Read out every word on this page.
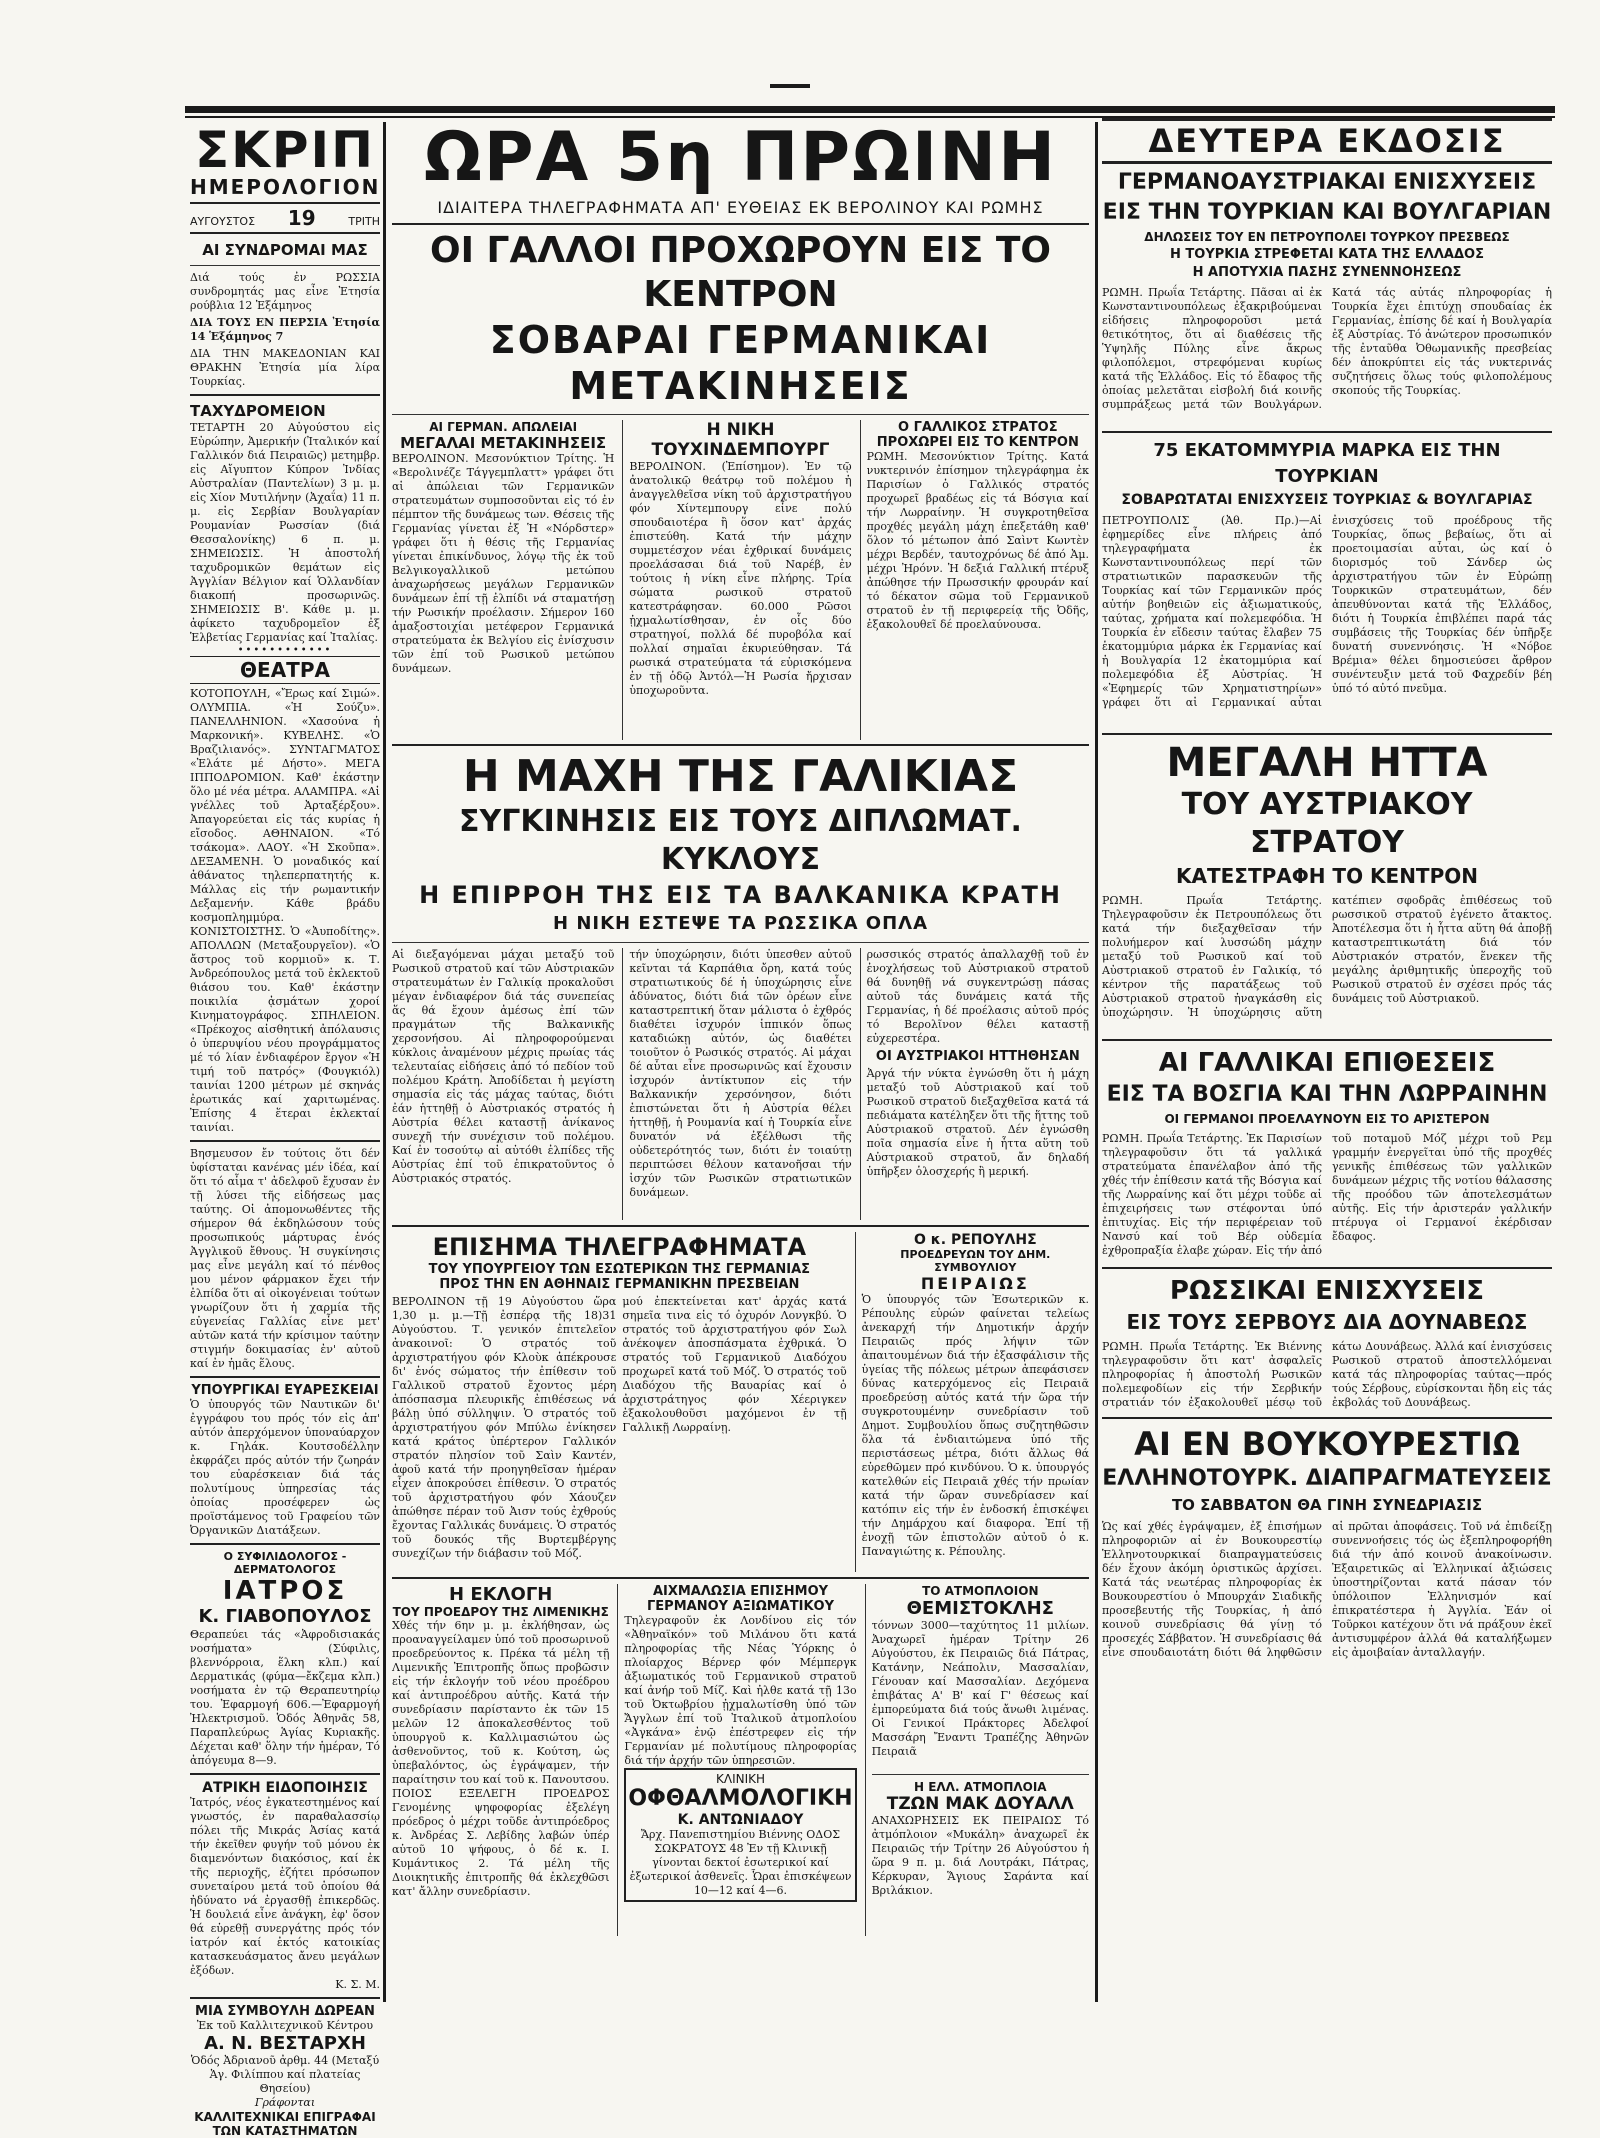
ΣΚΡΙΠ
ΗΜΕΡΟΛΟΓΙΟΝ
ΑΥΓΟΥΣΤΟΣ 19	ΤΡΙΤΗ
ΑΙ ΣΥΝΔΡΟΜΑΙ ΜΑΣ
Διά τούς ἐν ΡΩΣΣΙΑ συνδρομητάς μας εἶνε Ἐτησία ρούβλια 12 Ἑξάμηνος
ΔΙΑ ΤΟΥΣ ΕΝ ΠΕΡΣΙΑ Ἐτησία 14 Ἑξάμηνος 7
ΔΙΑ ΤΗΝ ΜΑΚΕΔΟΝΙΑΝ ΚΑΙ ΘΡΑΚΗΝ Ἐτησία μία λίρα Τουρκίας.
ΤΑΧΥΔΡΟΜΕΙΟΝ
ΤΕΤΑΡΤΗ 20 Αὐγούστου εἰς Εὐρώπην, Ἀμερικήν (Ἰταλικόν καί Γαλλικόν διά Πειραιῶς) μετημβρ. εἰς Αἴγυπτον Κύπρον Ἰνδίας Αὐστραλίαν (Παντελίων) 3 μ. μ. εἰς Χίον Μυτιλήνην (Ἀχαΐα) 11 π. μ. εἰς Σερβίαν Βουλγαρίαν Ρουμανίαν Ρωσσίαν (διά Θεσσαλονίκης) 6 π. μ. ΣΗΜΕΙΩΣΙΣ. Ἡ ἀποστολή ταχυδρομικῶν θεμάτων εἰς Ἀγγλίαν Βέλγιον καί Ὁλλανδίαν διακοπή προσωρινῶς. ΣΗΜΕΙΩΣΙΣ Β'. Κάθε μ. μ. ἀφίκετο ταχυδρομεῖον ἐξ Ἑλβετίας Γερμανίας καί Ἰταλίας.
••••••••••••
ΘΕΑΤΡΑ
ΚΟΤΟΠΟΥΛΗ, «Ἔρως καί Σιμώ». ΟΛΥΜΠΙΑ. «Ἡ Σούζυ». ΠΑΝΕΛΛΗΝΙΟΝ. «Χασούνα ἡ Μαρκονική». ΚΥΒΕΛΗΣ. «Ὁ Βραζιλιανός». ΣΥΝΤΑΓΜΑΤΟΣ «Ἐλάτε μέ Δήστο». ΜΕΓΑ ΙΠΠΟΔΡΟΜΙΟΝ. Καθ' ἑκάστην ὅλο μέ νέα μέτρα. ΑΛΑΜΠΡΑ. «Αἱ γνέλλες τοῦ Ἀρταξέρξου». Ἀπαγορεύεται εἰς τάς κυρίας ἡ εἴσοδος. ΑΘΗΝΑΙΟΝ. «Τό τσάκομα». ΛΑΟΥ. «Ἡ Σκοῦπα». ΔΕΞΑΜΕΝΗ. Ὁ μοναδικός καί ἀθάνατος τηλεπερπατητής κ. Μάλλας εἰς τήν ρωμαντικήν Δεξαμενήν. Κάθε βράδυ κοσμοπλημμύρα. ΚΟΝΙΣΤΟΙΣΤΗΣ. Ὁ «Ἀυποδίτης». ΑΠΟΛΛΩΝ (Μεταξουργεῖον). «Ὁ ἄστρος τοῦ κορμιοῦ» κ. Τ. Ἀνδρεόπουλος μετά τοῦ ἐκλεκτοῦ θιάσου του. Καθ' ἑκάστην ποικιλία ᾀσμάτων χοροί Κινηματογράφος. ΣΠΗΛΕΙΟΝ. «Πρέκοχος αἰσθητική ἀπόλαυσις ὁ ὑπερυψίου νέου προγράμματος μέ τό λίαν ἐνδιαφέρον ἔργον «Ἡ τιμή τοῦ πατρός» (Φουγκιόλ) ταινίαι 1200 μέτρων μέ σκηνάς ἐρωτικάς καί χαριτωμένας. Ἐπίσης 4 ἕτεραι ἐκλεκταί ταινίαι.
Βησμευσον ἔν τούτοις ὅτι δέν ὑφίσταται κανένας μέν ἰδέα, καί ὅτι τό αἷμα τ' ἀδελφοῦ ἔχυσαν ἐν τῇ λύσει τῆς εἰδήσεως μας ταύτης. Οἱ ἀπομονωθέντες τῆς σήμερον θά ἐκδηλώσουν τούς προσωπικούς μάρτυρας ἑνός Ἀγγλικοῦ ἔθνους. Ἡ συγκίνησις μας εἶνε μεγάλη καί τό πένθος μου μένον φάρμακον ἔχει τήν ἐλπίδα ὅτι αἱ οἰκογένειαι τούτων γνωρίζουν ὅτι ἡ χαρμία τῆς εὐγενείας Γαλλίας εἶνε μετ' αὐτῶν κατά τήν κρίσιμον ταύτην στιγμήν δοκιμασίας ἐν' αὐτοῦ καί ἐν ἡμᾶς ἕλους.
ΥΠΟΥΡΓΙΚΑΙ ΕΥΑΡΕΣΚΕΙΑΙ
Ὁ ὑπουργός τῶν Ναυτικῶν δι' ἐγγράφου του πρός τόν εἰς ἀπ' αὐτόν ἀπερχόμενον ὑποναύαρχον κ. Γηλάκ. Κουτσοδέλλην ἐκφράζει πρός αὐτόν τήν ζωηράν του εὐαρέσκειαν διά τάς πολυτίμους ὑπηρεσίας τάς ὁποίας προσέφερεν ὡς προϊστάμενος τοῦ Γραφείου τῶν Ὀργανικῶν Διατάξεων.
Ο ΣΥΦΙΛΙΔΟΛΟΓΟΣ - ΔΕΡΜΑΤΟΛΟΓΟΣ
ΙΑΤΡΟΣ
Κ. ΓΙΑΒΟΠΟΥΛΟΣ
Θεραπεύει τάς «Ἀφροδισιακάς νοσήματα» (Σύφιλις, βλεννόρροια, ἕλκη κλπ.) καί Δερματικάς (φύμα—ἔκζεμα κλπ.) νοσήματα ἐν τῷ Θεραπευτηρίῳ του. Ἐφαρμογή 606.—Ἐφαρμογή Ἠλεκτρισμοῦ. Ὁδός Ἀθηνᾶς 58, Παραπλεύρως Ἁγίας Κυριακῆς. Δέχεται καθ' ὅλην τήν ἡμέραν, Τό ἀπόγευμα 8—9.
ΑΤΡΙΚΗ ΕΙΔΟΠΟΙΗΣΙΣ
Ἰατρός, νέος ἐγκατεστημένος καί γνωστός, ἐν παραθαλασσίῳ πόλει τῆς Μικράς Ἀσίας κατά τήν ἐκεῖθεν φυγήν τοῦ μόνου ἐκ διαμενόντων διακόσιος, καί ἐκ τῆς περιοχῆς, ἐζήτει πρόσωπον συνεταίρου μετά τοῦ ὁποίου θά ἠδύνατο νά ἐργασθῇ ἐπικερδῶς. Ἡ δουλειά εἶνε ἀνάγκη, ἐφ' ὅσον θά εὑρεθῇ συνεργάτης πρός τόν ἰατρόν καί ἐκτός κατοικίας κατασκευάσματος ἄνευ μεγάλων ἐξόδων.
Κ. Σ. Μ.
ΜΙΑ ΣΥΜΒΟΥΛΗ ΔΩΡΕΑΝ
Ἐκ τοῦ Καλλιτεχνικοῦ Κέντρου
Α. Ν. ΒΕΣΤΑΡΧΗ
Ὁδός Ἀδριανοῦ ἀρθμ. 44 (Μεταξύ Ἁγ. Φιλίππου καί πλατείας Θησείου)
Γράφονται
ΚΑΛΛΙΤΕΧΝΙΚΑΙ ΕΠΙΓΡΑΦΑΙ ΤΩΝ ΚΑΤΑΣΤΗΜΑΤΩΝ
ΩΡΑ 5η ΠΡΩΙΝΗ
ΙΔΙΑΙΤΕΡΑ ΤΗΛΕΓΡΑΦΗΜΑΤΑ ΑΠ' ΕΥΘΕΙΑΣ ΕΚ ΒΕΡΟΛΙΝΟΥ ΚΑΙ ΡΩΜΗΣ
ΟΙ ΓΑΛΛΟΙ ΠΡΟΧΩΡΟΥΝ ΕΙΣ ΤΟ ΚΕΝΤΡΟΝ
ΣΟΒΑΡΑΙ ΓΕΡΜΑΝΙΚΑΙ ΜΕΤΑΚΙΝΗΣΕΙΣ
ΑΙ ΓΕΡΜΑΝ. ΑΠΩΛΕΙΑΙ
ΜΕΓΑΛΑΙ ΜΕΤΑΚΙΝΗΣΕΙΣ
ΒΕΡΟΛΙΝΟΝ. Μεσονύκτιον Τρίτης. Ἡ «Βερολινέζε Τάγγεμπλαττ» γράφει ὅτι αἱ ἀπώλειαι τῶν Γερμανικῶν στρατευμάτων συμποσοῦνται εἰς τό ἐν πέμπτον τῆς δυνάμεως των. Θέσεις τῆς Γερμανίας γίνεται ἐξ Ἡ «Νόρδστερ» γράφει ὅτι ἡ θέσις τῆς Γερμανίας γίνεται ἐπικίνδυνος, λόγῳ τῆς ἐκ τοῦ Βελγικογαλλικοῦ μετώπου ἀναχωρήσεως μεγάλων Γερμανικῶν δυνάμεων ἐπί τῇ ἐλπίδι νά σταματήσῃ τήν Ρωσικήν προέλασιν. Σήμερον 160 ἁμαξοστοιχίαι μετέφερον Γερμανικά στρατεύματα ἐκ Βελγίου εἰς ἐνίσχυσιν τῶν ἐπί τοῦ Ρωσικοῦ μετώπου δυνάμεων.
Η ΝΙΚΗ ΤΟΥΧΙΝΔΕΜΠΟΥΡΓ
ΒΕΡΟΛΙΝΟΝ. (Ἐπίσημον). Ἐν τῷ ἀνατολικῷ θεάτρῳ τοῦ πολέμου ἡ ἀναγγελθεῖσα νίκη τοῦ ἀρχιστρατήγου φόν Χίντεμπουργ εἶνε πολύ σπουδαιοτέρα ἢ ὅσον κατ' ἀρχάς ἐπιστεύθη. Κατά τήν μάχην συμμετέσχον νέαι ἐχθρικαί δυνάμεις προελάσασαι διά τοῦ Ναρέβ, ἐν τούτοις ἡ νίκη εἶνε πλήρης. Τρία σώματα ρωσικοῦ στρατοῦ κατεστράφησαν. 60.000 Ρῶσοι ᾐχμαλωτίσθησαν, ἐν οἷς δύο στρατηγοί, πολλά δέ πυροβόλα καί πολλαί σημαῖαι ἐκυριεύθησαν. Τά ρωσικά στρατεύματα τά εὑρισκόμενα ἐν τῇ ὁδῷ Ἀντόλ—Ἡ Ρωσία ἤρχισαν ὑποχωροῦντα.
Ο ΓΑΛΛΙΚΟΣ ΣΤΡΑΤΟΣ ΠΡΟΧΩΡΕΙ ΕΙΣ ΤΟ ΚΕΝΤΡΟΝ
ΡΩΜΗ. Μεσονύκτιον Τρίτης. Κατά νυκτερινόν ἐπίσημον τηλεγράφημα ἐκ Παρισίων ὁ Γαλλικός στρατός προχωρεῖ βραδέως εἰς τά Βόσγια καί τήν Λωρραίνην. Ἡ συγκροτηθεῖσα προχθές μεγάλη μάχη ἐπεξετάθη καθ' ὅλον τό μέτωπον ἀπό Σαὶντ Κωντὲν μέχρι Βερδέν, ταυτοχρόνως δέ ἀπό Ἀμ. μέχρι Ἠρόνν. Ἡ δεξιά Γαλλική πτέρυξ ἀπώθησε τήν Πρωσσικήν φρουράν καί τό δέκατον σῶμα τοῦ Γερμανικοῦ στρατοῦ ἐν τῇ περιφερείᾳ τῆς Ὀδῆς, ἐξακολουθεῖ δέ προελαύνουσα.
Η ΜΑΧΗ ΤΗΣ ΓΑΛΙΚΙΑΣ
ΣΥΓΚΙΝΗΣΙΣ ΕΙΣ ΤΟΥΣ ΔΙΠΛΩΜΑΤ. ΚΥΚΛΟΥΣ
Η ΕΠΙΡΡΟΗ ΤΗΣ ΕΙΣ ΤΑ ΒΑΛΚΑΝΙΚΑ ΚΡΑΤΗ
Η ΝΙΚΗ ΕΣΤΕΨΕ ΤΑ ΡΩΣΣΙΚΑ ΟΠΛΑ
Αἱ διεξαγόμεναι μάχαι μεταξύ τοῦ Ρωσικοῦ στρατοῦ καί τῶν Αὐστριακῶν στρατευμάτων ἐν Γαλικίᾳ προκαλοῦσι μέγαν ἐνδιαφέρον διά τάς συνεπείας ἅς θά ἔχουν ἀμέσως ἐπί τῶν πραγμάτων τῆς Βαλκανικῆς χερσονήσου. Αἱ πληροφορούμεναι κύκλοις ἀναμένουν μέχρις πρωίας τάς τελευταίας εἰδήσεις ἀπό τό πεδίον τοῦ πολέμου Κράτη. Ἀποδίδεται ἡ μεγίστη σημασία εἰς τάς μάχας ταύτας, διότι ἐάν ἡττηθῇ ὁ Αὐστριακός στρατός ἡ Αὐστρία θέλει καταστῇ ἀνίκανος συνεχῆ τήν συνέχισιν τοῦ πολέμου. Καί ἐν τοσούτῳ αἱ αὐτόθι ἐλπίδες τῆς Αὐστρίας ἐπί τοῦ ἐπικρατοῦντος ὁ Αὐστριακός στρατός.
τήν ὑποχώρησιν, διότι ὑπεσθεν αὐτοῦ κεῖνται τά Καρπάθια ὄρη, κατά τούς στρατιωτικούς δέ ἡ ὑποχώρησις εἶνε ἀδύνατος, διότι διά τῶν ὀρέων εἶνε καταστρεπτική ὅταν μάλιστα ὁ ἐχθρός διαθέτει ἰσχυρόν ἱππικόν ὅπως καταδιώκῃ αὐτόν, ὡς διαθέτει τοιοῦτον ὁ Ρωσικός στρατός. Αἱ μάχαι δέ αὗται εἶνε προσωρινῶς καί ἔχουσιν ἰσχυρόν ἀντίκτυπον εἰς τήν Βαλκανικήν χερσόνησον, διότι ἐπιστώνεται ὅτι ἡ Αὐστρία θέλει ἡττηθῇ, ἡ Ρουμανία καί ἡ Τουρκία εἶνε δυνατόν νά ἐξέλθωσι τῆς οὐδετερότητός των, διότι ἐν τοιαύτῃ περιπτώσει θέλουν κατανοῆσαι τήν ἰσχύν τῶν Ρωσικῶν στρατιωτικῶν δυνάμεων.
ρωσσικός στρατός ἀπαλλαχθῇ τοῦ ἐν ἐνοχλήσεως τοῦ Αὐστριακοῦ στρατοῦ θά δυνηθῇ νά συγκεντρώσῃ πάσας αὐτοῦ τάς δυνάμεις κατά τῆς Γερμανίας, ἡ δέ προέλασις αὐτοῦ πρός τό Βερολῖνον θέλει καταστῇ εὐχερεστέρα.
ΟΙ ΑΥΣΤΡΙΑΚΟΙ ΗΤΤΗΘΗΣΑΝ
Ἀργά τήν νύκτα ἐγνώσθη ὅτι ἡ μάχη μεταξύ τοῦ Αὐστριακοῦ καί τοῦ Ρωσικοῦ στρατοῦ διεξαχθεῖσα κατά τά πεδιάματα κατέληξεν ὅτι τῆς ἥττης τοῦ Αὐστριακοῦ στρατοῦ. Δέν ἐγνώσθη ποῖα σημασία εἶνε ἡ ἧττα αὕτη τοῦ Αὐστριακοῦ στρατοῦ, ἄν δηλαδή ὑπῆρξεν ὁλοσχερής ἢ μερική.
ΕΠΙΣΗΜΑ ΤΗΛΕΓΡΑΦΗΜΑΤΑ
ΤΟΥ ΥΠΟΥΡΓΕΙΟΥ ΤΩΝ ΕΣΩΤΕΡΙΚΩΝ ΤΗΣ ΓΕΡΜΑΝΙΑΣ
ΠΡΟΣ ΤΗΝ ΕΝ ΑΘΗΝΑΙΣ ΓΕΡΜΑΝΙΚΗΝ ΠΡΕΣΒΕΙΑΝ
ΒΕΡΟΛΙΝΟΝ τῇ 19 Αὐγούστου ὥρα 1,30 μ. μ.—Τῇ ἐσπέρᾳ τῆς 18)31 Αὐγούστου. Τ. γενικόν ἐπιτελεῖον ἀνακοινοῖ: Ὁ στρατός τοῦ ἀρχιστρατήγου φόν Κλοὺκ ἀπέκρουσε δι' ἑνός σώματος τήν ἐπίθεσιν τοῦ Γαλλικοῦ στρατοῦ ἔχοντος μέρη ἀπόσπασμα πλευρικῆς ἐπιθέσεως νά βάλῃ ὑπό σύλληψιν. Ὁ στρατός τοῦ ἀρχιστρατήγου φόν Μπύλω ἐνίκησεν κατά κράτος ὑπέρτερον Γαλλικόν στρατόν πλησίον τοῦ Σαὶν Καντέν, ἀφοῦ κατά τήν προηγηθεῖσαν ἡμέραν εἶχεν ἀποκρούσει ἐπίθεσιν. Ὁ στρατός τοῦ ἀρχιστρατήγου φόν Χάουζεν ἀπώθησε πέραν τοῦ Ἀισν τούς ἐχθρούς ἔχοντας Γαλλικάς δυνάμεις. Ὁ στρατός τοῦ δουκός τῆς Βυρτεμβέργης συνεχίζων τήν διάβασιν τοῦ Μόζ.
μού ἐπεκτείνεται κατ' ἀρχάς κατά σημεῖα τινα εἰς τό ὀχυρόν Λονγκβύ. Ὁ στρατός τοῦ ἀρχιστρατήγου φόν Σωλ ἀνέκοψεν ἀποσπάσματα ἐχθρικά. Ὁ στρατός τοῦ Γερμανικοῦ Διαδόχου προχωρεῖ κατά τοῦ Μόζ. Ὁ στρατός τοῦ Διαδόχου τῆς Βαυαρίας καί ὁ ἀρχιστράτηγος φόν Χέεριγκεν ἐξακολουθοῦσι μαχόμενοι ἐν τῇ Γαλλικῇ Λωρραίνῃ.
Ο κ. ΡΕΠΟΥΛΗΣ
ΠΡΟΕΔΡΕΥΩΝ ΤΟΥ ΔΗΜ. ΣΥΜΒΟΥΛΙΟΥ
ΠΕΙΡΑΙΩΣ
Ὁ ὑπουργός τῶν Ἐσωτερικῶν κ. Ρέπουλης εὑρών φαίνεται τελείως ἀνεκαρχή τήν Δημοτικήν ἀρχήν Πειραιῶς πρός λήψιν τῶν ἀπαιτουμένων διά τήν ἐξασφάλισιν τῆς ὑγείας τῆς πόλεως μέτρων ἀπεφάσισεν δύνας κατερχόμενος εἰς Πειραιᾶ προεδρεύσῃ αὐτός κατά τήν ὥρα τήν συγκροτουμένην συνεδρίασιν τοῦ Δημοτ. Συμβουλίου ὅπως συζητηθῶσιν ὅλα τά ἐνδιαιτώμενα ὑπό τῆς περιστάσεως μέτρα, διότι ἄλλως θά εὑρεθῶμεν πρό κινδύνου. Ὁ κ. ὑπουργός κατελθών εἰς Πειραιᾶ χθές τήν πρωίαν κατά τήν ὥραν συνεδρίασεν καί κατόπιν εἰς τήν ἐν ἐνδοσκή ἐπισκέψει τήν Δημάρχου καί διαφορα. Ἐπί τῇ ἐνοχῇ τῶν ἐπιστολῶν αὐτοῦ ὁ κ. Παναγιώτης κ. Ρέπουλης.
Η ΕΚΛΟΓΗ
ΤΟΥ ΠΡΟΕΔΡΟΥ ΤΗΣ ΛΙΜΕΝΙΚΗΣ
Χθές τήν 6ην μ. μ. ἐκλήθησαν, ὡς προαναγγείλαμεν ὑπό τοῦ προσωρινοῦ προεδρεύοντος κ. Πρέκα τά μέλη τῇ Λιμενικῆς Ἐπιτροπῆς ὅπως προβῶσιν εἰς τήν ἐκλογήν τοῦ νέου προέδρου καί ἀντιπροέδρου αὐτῆς. Κατά τήν συνεδρίασιν παρίσταντο ἐκ τῶν 15 μελῶν 12 ἀποκαλεσθέντος τοῦ ὑπουργοῦ κ. Καλλιμασιώτου ὡς ἀσθενοῦντος, τοῦ κ. Κούτση, ὡς ὑπεβαλόντος, ὡς ἐγράψαμεν, τήν παραίτησιν του καί τοῦ κ. Πανουτσου. ΠΟΙΟΣ ΕΞΕΛΕΓΗ ΠΡΟΕΔΡΟΣ Γενομένης ψηφοφορίας ἐξελέγη πρόεδρος ὁ μέχρι τοῦδε ἀντιπρόεδρος κ. Ἀνδρέας Σ. Λεβίδης λαβών ὑπέρ αὐτοῦ 10 ψήφους, ὁ δέ κ. Ι. Κυμάντικος 2. Τά μέλη τῆς Διοικητικῆς ἐπιτροπῆς θά ἐκλεχθῶσι κατ' ἄλλην συνεδρίασιν.
ΑΙΧΜΑΛΩΣΙΑ ΕΠΙΣΗΜΟΥ
ΓΕΡΜΑΝΟΥ ΑΞΙΩΜΑΤΙΚΟΥ
Τηλεγραφοῦν ἐκ Λονδίνου εἰς τόν «Ἀθηναϊκόν» τοῦ Μιλάνου ὅτι κατά πληροφορίας τῆς Νέας Ὑόρκης ὁ πλοίαρχος Βέρνερ φόν Μέμπεργκ ἀξιωματικός τοῦ Γερμανικοῦ στρατοῦ καί ἀνήρ τοῦ Μίζ. Καὶ ἠλθε κατά τῇ 13ο τοῦ Ὀκτωβρίου ᾐχμαλωτίσθη ὑπό τῶν Ἄγγλων ἐπί τοῦ Ἰταλικοῦ ἀτμοπλοίου «Ἀγκάνα» ἐνῷ ἐπέστρεφεν εἰς τήν Γερμανίαν μέ πολυτίμους πληροφορίας διά τήν ἀρχήν τῶν ὑπηρεσιῶν.
ΚΛΙΝΙΚΗ
ΟΦΘΑΛΜΟΛΟΓΙΚΗ
Κ. ΑΝΤΩΝΙΑΔΟΥ
Ἄρχ. Πανεπιστημίου Βιέννης ΟΔΟΣ ΣΩΚΡΑΤΟΥΣ 48 Ἐν τῇ Κλινικῇ γίνονται δεκτοί ἐσωτερικοί καί ἐξωτερικοί ἀσθενεῖς. Ὧραι ἐπισκέψεων 10—12 καί 4—6.
ΤΟ ΑΤΜΟΠΛΟΙΟΝ
ΘΕΜΙΣΤΟΚΛΗΣ
τόννων 3000—ταχύτητος 11 μιλίων. Ἀναχωρεῖ ἡμέραν Τρίτην 26 Αὐγούστου, ἐκ Πειραιῶς διά Πάτρας, Κατάνην, Νεάπολιν, Μασσαλίαν, Γένουαν καί Μασσαλίαν. Δεχόμενα ἐπιβάτας Α' Β' καί Γ' θέσεως καί ἐμπορεύματα διά τούς ἄνωθι λιμένας. Οἱ Γενικοί Πράκτορες Ἀδελφοί Μασσάρη Ἔναντι Τραπέζης Ἀθηνῶν Πειραιᾶ
Η ΕΛΛ. ΑΤΜΟΠΛΟΙΑ
ΤΖΩΝ ΜΑΚ ΔΟΥΑΛΛ
ΑΝΑΧΩΡΗΣΕΙΣ ΕΚ ΠΕΙΡΑΙΩΣ Τό ἀτμόπλοιον «Μυκάλη» ἀναχωρεῖ ἐκ Πειραιῶς τήν Τρίτην 26 Αὐγούστου ἡ ὥρα 9 π. μ. διά Λουτράκι, Πάτρας, Κέρκυραν, Ἅγιους Σαράντα καί Βριλάκιον.
ΔΕΥΤΕΡΑ ΕΚΔΟΣΙΣ
ΓΕΡΜΑΝΟΑΥΣΤΡΙΑΚΑΙ ΕΝΙΣΧΥΣΕΙΣ
ΕΙΣ ΤΗΝ ΤΟΥΡΚΙΑΝ ΚΑΙ ΒΟΥΛΓΑΡΙΑΝ
ΔΗΛΩΣΕΙΣ ΤΟΥ ΕΝ ΠΕΤΡΟΥΠΟΛΕΙ ΤΟΥΡΚΟΥ ΠΡΕΣΒΕΩΣ
Η ΤΟΥΡΚΙΑ ΣΤΡΕΦΕΤΑΙ ΚΑΤΑ ΤΗΣ ΕΛΛΑΔΟΣ
Η ΑΠΟΤΥΧΙΑ ΠΑΣΗΣ ΣΥΝΕΝΝΟΗΣΕΩΣ
ΡΩΜΗ. Πρωΐα Τετάρτης. Πᾶσαι αἱ ἐκ Κωνσταντινουπόλεως ἐξακριβούμεναι εἰδήσεις πληροφοροῦσι μετά θετικότητος, ὅτι αἱ διαθέσεις τῆς Ὑψηλῆς Πύλης εἶνε ἄκρως φιλοπόλεμοι, στρεφόμεναι κυρίως κατά τῆς Ἑλλάδος. Εἰς τό ἔδαφος τῆς ὁποίας μελετᾶται εἰσβολή διά κοινῆς συμπράξεως μετά τῶν Βουλγάρων. Κατά τάς αὐτάς πληροφορίας ἡ Τουρκία ἔχει ἐπιτύχῃ σπουδαίας ἐκ Γερμανίας, ἐπίσης δέ καί ἡ Βουλγαρία ἐξ Αὐστρίας. Τό ἀνώτερον προσωπικόν τῆς ἐνταῦθα Ὀθωμανικῆς πρεσβείας δέν ἀποκρύπτει εἰς τάς νυκτερινάς συζητήσεις ὅλως τούς φιλοπολέμους σκοπούς τῆς Τουρκίας.
75 ΕΚΑΤΟΜΜΥΡΙΑ ΜΑΡΚΑ ΕΙΣ ΤΗΝ ΤΟΥΡΚΙΑΝ
ΣΟΒΑΡΩΤΑΤΑΙ ΕΝΙΣΧΥΣΕΙΣ ΤΟΥΡΚΙΑΣ & ΒΟΥΛΓΑΡΙΑΣ
ΠΕΤΡΟΥΠΟΛΙΣ (Ἀθ. Πρ.)—Αἱ ἐφημερίδες εἶνε πλήρεις ἀπό τηλεγραφήματα ἐκ Κωνσταντινουπόλεως περί τῶν στρατιωτικῶν παρασκευῶν τῆς Τουρκίας καί τῶν Γερμανικῶν πρός αὐτήν βοηθειῶν εἰς ἀξιωματικούς, ταύτας, χρήματα καί πολεμεφόδια. Ἡ Τουρκία ἐν εἴδεσιν ταύτας ἔλαβεν 75 ἑκατομμύρια μάρκα ἐκ Γερμανίας καί ἡ Βουλγαρία 12 ἑκατομμύρια καί πολεμεφόδια ἐξ Αὐστρίας. Ἡ «Ἐφημερίς τῶν Χρηματιστηρίων» γράφει ὅτι αἱ Γερμανικαί αὗται ἐνισχύσεις τοῦ προέδρους τῆς Τουρκίας, ὅπως βεβαίως, ὅτι αἱ προετοιμασίαι αὗται, ὡς καί ὁ διορισμός τοῦ Σάνδερ ὡς ἀρχιστρατήγου τῶν ἐν Εὐρώπῃ Τουρκικῶν στρατευμάτων, δέν ἀπευθύνονται κατά τῆς Ἑλλάδος, διότι ἡ Τουρκία ἐπιβλέπει παρά τάς συμβάσεις τῆς Τουρκίας δέν ὑπῆρξε δυνατή συνεννόησις. Ἡ «Νόβοε Βρέμια» θέλει δημοσιεύσει ἄρθρον συνέντευξιν μετά τοῦ Φαχρεδίν βέη ὑπό τό αὐτό πνεῦμα.
ΜΕΓΑΛΗ ΗΤΤΑ
ΤΟΥ ΑΥΣΤΡΙΑΚΟΥ ΣΤΡΑΤΟΥ
ΚΑΤΕΣΤΡΑΦΗ ΤΟ ΚΕΝΤΡΟΝ
ΡΩΜΗ. Πρωΐα Τετάρτης. Τηλεγραφοῦσιν ἐκ Πετρουπόλεως ὅτι κατά τήν διεξαχθεῖσαν τήν πολυήμερον καί λυσσώδη μάχην μεταξύ τοῦ Ρωσικοῦ καί τοῦ Αὐστριακοῦ στρατοῦ ἐν Γαλικίᾳ, τό κέντρον τῆς παρατάξεως τοῦ Αὐστριακοῦ στρατοῦ ἠναγκάσθη εἰς ὑποχώρησιν. Ἡ ὑποχώρησις αὕτη κατέπιεν σφοδρᾶς ἐπιθέσεως τοῦ ρωσσικοῦ στρατοῦ ἐγένετο ἄτακτος. Ἀποτέλεσμα ὅτι ἡ ἧττα αὕτη θά ἀποβῇ καταστρεπτικωτάτη διά τόν Αὐστριακόν στρατόν, ἕνεκεν τῆς μεγάλης ἀριθμητικῆς ὑπεροχῆς τοῦ Ρωσικοῦ στρατοῦ ἐν σχέσει πρός τάς δυνάμεις τοῦ Αὐστριακοῦ.
ΑΙ ΓΑΛΛΙΚΑΙ ΕΠΙΘΕΣΕΙΣ
ΕΙΣ ΤΑ ΒΟΣΓΙΑ ΚΑΙ ΤΗΝ ΛΩΡΡΑΙΝΗΝ
ΟΙ ΓΕΡΜΑΝΟΙ ΠΡΟΕΛΑΥΝΟΥΝ ΕΙΣ ΤΟ ΑΡΙΣΤΕΡΟΝ
ΡΩΜΗ. Πρωΐα Τετάρτης. Ἐκ Παρισίων τηλεγραφοῦσιν ὅτι τά γαλλικά στρατεύματα ἐπανέλαβον ἀπό τῆς χθές τήν ἐπίθεσιν κατά τῆς Βόσγια καί τῆς Λωρραίνης καί ὅτι μέχρι τοῦδε αἱ ἐπιχειρήσεις των στέφονται ὑπό ἐπιτυχίας. Εἰς τήν περιφέρειαν τοῦ Νανσύ καί τοῦ Βέρ οὐδεμία ἐχθροπραξία ἐλαβε χώραν. Εἰς τήν ἀπό τοῦ ποταμοῦ Μόζ μέχρι τοῦ Ρεμ γραμμήν ἐνεργεῖται ὑπό τῆς προχθές γενικῆς ἐπιθέσεως τῶν γαλλικῶν δυνάμεων μέχρις τῆς νοτίου θάλασσης τῆς προόδου τῶν ἀποτελεσμάτων αὐτῆς. Εἰς τήν ἀριστεράν γαλλικήν πτέρυγα οἱ Γερμανοί ἐκέρδισαν ἔδαφος.
ΡΩΣΣΙΚΑΙ ΕΝΙΣΧΥΣΕΙΣ
ΕΙΣ ΤΟΥΣ ΣΕΡΒΟΥΣ ΔΙΑ ΔΟΥΝΑΒΕΩΣ
ΡΩΜΗ. Πρωΐα Τετάρτης. Ἐκ Βιέννης τηλεγραφοῦσιν ὅτι κατ' ἀσφαλεῖς πληροφορίας ἡ ἀποστολή Ρωσικῶν πολεμεφοδίων εἰς τήν Σερβικήν στρατιάν τόν ἐξακολουθεῖ μέσῳ τοῦ κάτω Δουνάβεως. Ἀλλά καί ἐνισχύσεις Ρωσικοῦ στρατοῦ ἀποστελλόμεναι κατά τάς πληροφορίας ταύτας—πρός τούς Σέρβους, εὑρίσκονται ἤδη εἰς τάς ἐκβολάς τοῦ Δουνάβεως.
ΑΙ ΕΝ ΒΟΥΚΟΥΡΕΣΤΙΩ
ΕΛΛΗΝΟΤΟΥΡΚ. ΔΙΑΠΡΑΓΜΑΤΕΥΣΕΙΣ
ΤΟ ΣΑΒΒΑΤΟΝ ΘΑ ΓΙΝΗ ΣΥΝΕΔΡΙΑΣΙΣ
Ὡς καί χθές ἐγράψαμεν, ἐξ ἐπισήμων πληροφοριῶν αἱ ἐν Βουκουρεστίῳ Ἑλληνοτουρκικαί διαπραγματεύσεις δέν ἔχουν ἀκόμη ὁριστικῶς ἀρχίσει. Κατά τάς νεωτέρας πληροφορίας ἐκ Βουκουρεστίου ὁ Μπουρχάν Σιαδικῆς προσεβευτής τῆς Τουρκίας, ἡ ἀπό κοινοῦ συνεδρίασις θά γίνῃ τό προσεχές Σάββατον. Ἡ συνεδρίασις θά εἶνε σπουδαιοτάτη διότι θά ληφθῶσιν αἱ πρῶται ἀποφάσεις. Τοῦ νά ἐπιδείξῃ συνεννοήσεις τός ὡς ἐξεπληροφορήθη διά τήν ἀπό κοινοῦ ἀνακοίνωσιν. Ἐξαιρετικῶς αἱ Ἑλληνικαί ἀξιώσεις ὑποστηρίζονται κατά πάσαν τόν ὑπόλοιπον Ἑλληνισμόν καί ἐπικρατέστερα ἡ Ἀγγλία. Ἐάν οἱ Τοῦρκοι κατέχουν ὅτι νά πράξουν ἐκεῖ ἀντισυμφέρον ἀλλά θά καταλήξωμεν εἰς ἀμοιβαίαν ἀνταλλαγήν.
